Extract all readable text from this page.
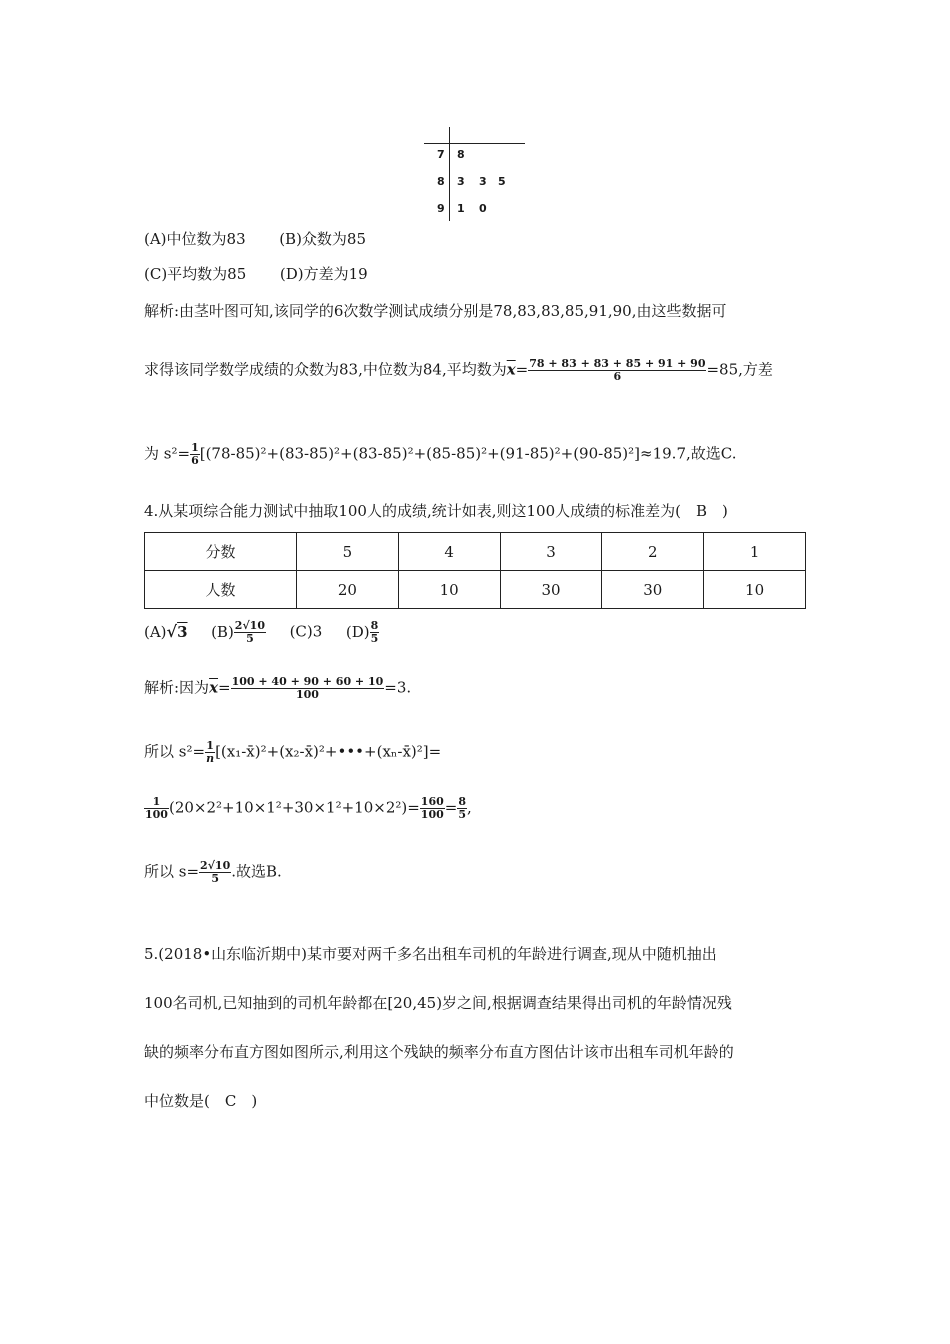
7 8
8 3 3 5
9 1 0
(A)中位数为83 (B)众数为85
(C)平均数为85 (D)方差为19
解析:由茎叶图可知,该同学的6次数学测试成绩分别是78,83,83,85,91,90,由这些数据可
求得该同学数学成绩的众数为83,中位数为84,平均数为$\overline{x}= \frac{78 + 83 + 83 + 85 + 91 + 90}{6} =85$,方差
为 $s^2= \frac{1}{6} [(78-85)^2+(83-85)^2+(83-85)^2+(85-85)^2+(91-85)^2+(90-85)^2]\approx 19.7$,故选C.
4.从某项综合能力测试中抽取100人的成绩,统计如表,则这100人成绩的标准差为(　B　)
分数	5	4	3	2	1
人数	20	10	30	30	10
(A)√3 $(B) \frac{2√10}{5} (C)3$ $(D) \frac{8}{5}$
解析:因为$\overline{x}= \frac{100 + 40 + 90 + 60 + 10}{100} =3$.
所以 $s^2= \frac{1}{n}$ [(x₁-x̄)²+(x₂-x̄)²+•••+(xₙ-x̄)²]=
$\frac{1}{100} (20\times 2^2+10\times 1^2+30\times 1^2+10\times 2^2)= \frac{160}{100} = \frac{8}{5}$ ,
所以 $s= \frac{2√10}{5}$ .故选B.
5.(2018•山东临沂期中)某市要对两千多名出租车司机的年龄进行调查,现从中随机抽出
100名司机,已知抽到的司机年龄都在[20,45)岁之间,根据调查结果得出司机的年龄情况残
缺的频率分布直方图如图所示,利用这个残缺的频率分布直方图估计该市出租车司机年龄的
中位数是(　C　)
